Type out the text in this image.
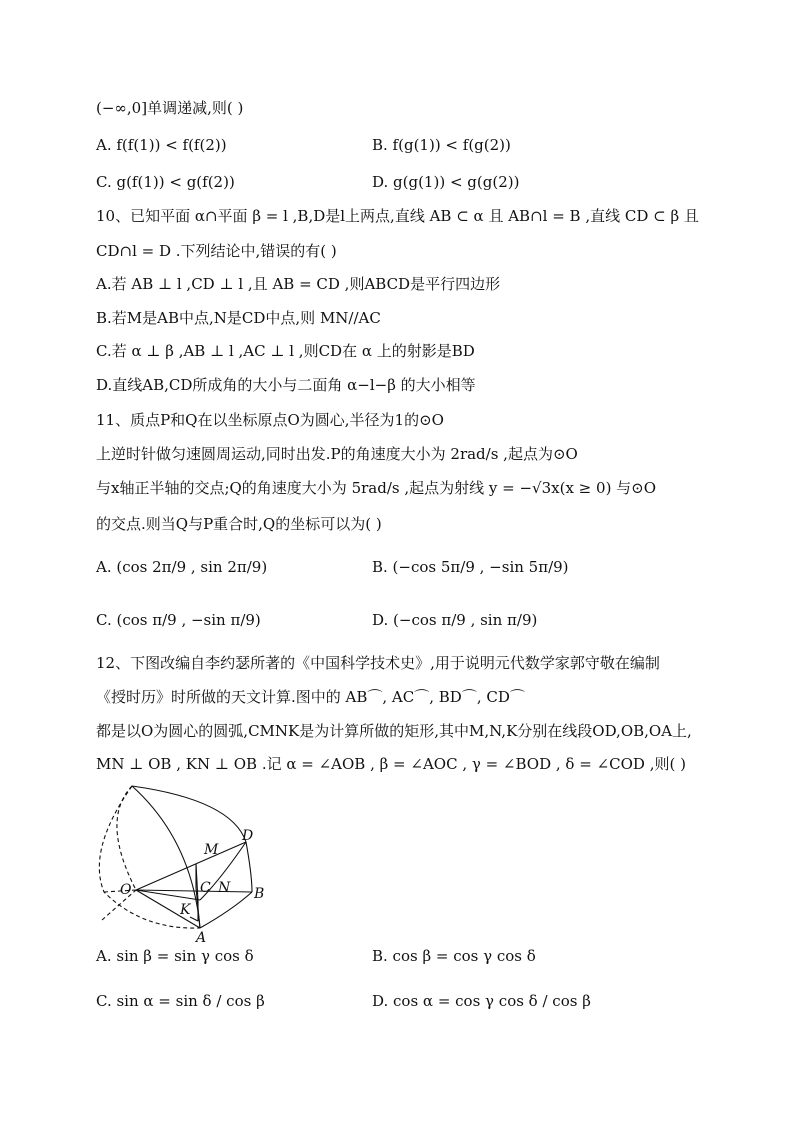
(−∞,0]单调递减,则( )
A. f(f(1)) < f(f(2))	B. f(g(1)) < f(g(2))
C. g(f(1)) < g(f(2))	D. g(g(1)) < g(g(2))
10、已知平面 α∩平面 β = l ,B,D是l上两点,直线 AB ⊂ α 且 AB∩l = B ,直线 CD ⊂ β 且
CD∩l = D .下列结论中,错误的有( )
A.若 AB ⊥ l ,CD ⊥ l ,且 AB = CD ,则ABCD是平行四边形
B.若M是AB中点,N是CD中点,则 MN//AC
C.若 α ⊥ β ,AB ⊥ l ,AC ⊥ l ,则CD在 α 上的射影是BD
D.直线AB,CD所成角的大小与二面角 α−l−β 的大小相等
11、质点P和Q在以坐标原点O为圆心,半径为1的⊙O
上逆时针做匀速圆周运动,同时出发.P的角速度大小为 2rad/s ,起点为⊙O
与x轴正半轴的交点;Q的角速度大小为 5rad/s ,起点为射线 y = −√3x(x ≥ 0) 与⊙O
的交点.则当Q与P重合时,Q的坐标可以为( )
A. (cos 2π/9 , sin 2π/9)	B. (−cos 5π/9 , −sin 5π/9)
C. (cos π/9 , −sin π/9)	D. (−cos π/9 , sin π/9)
12、下图改编自李约瑟所著的《中国科学技术史》,用于说明元代数学家郭守敬在编制
《授时历》时所做的天文计算.图中的 AB⌒, AC⌒, BD⌒, CD⌒
都是以O为圆心的圆弧,CMNK是为计算所做的矩形,其中M,N,K分别在线段OD,OB,OA上,
MN ⊥ OB , KN ⊥ OB .记 α = ∠AOB , β = ∠AOC , γ = ∠BOD , δ = ∠COD ,则( )
O
A
B
C
D
M
N
K
A. sin β = sin γ cos δ	B. cos β = cos γ cos δ
C. sin α = sin δ / cos β	D. cos α = cos γ cos δ / cos β
